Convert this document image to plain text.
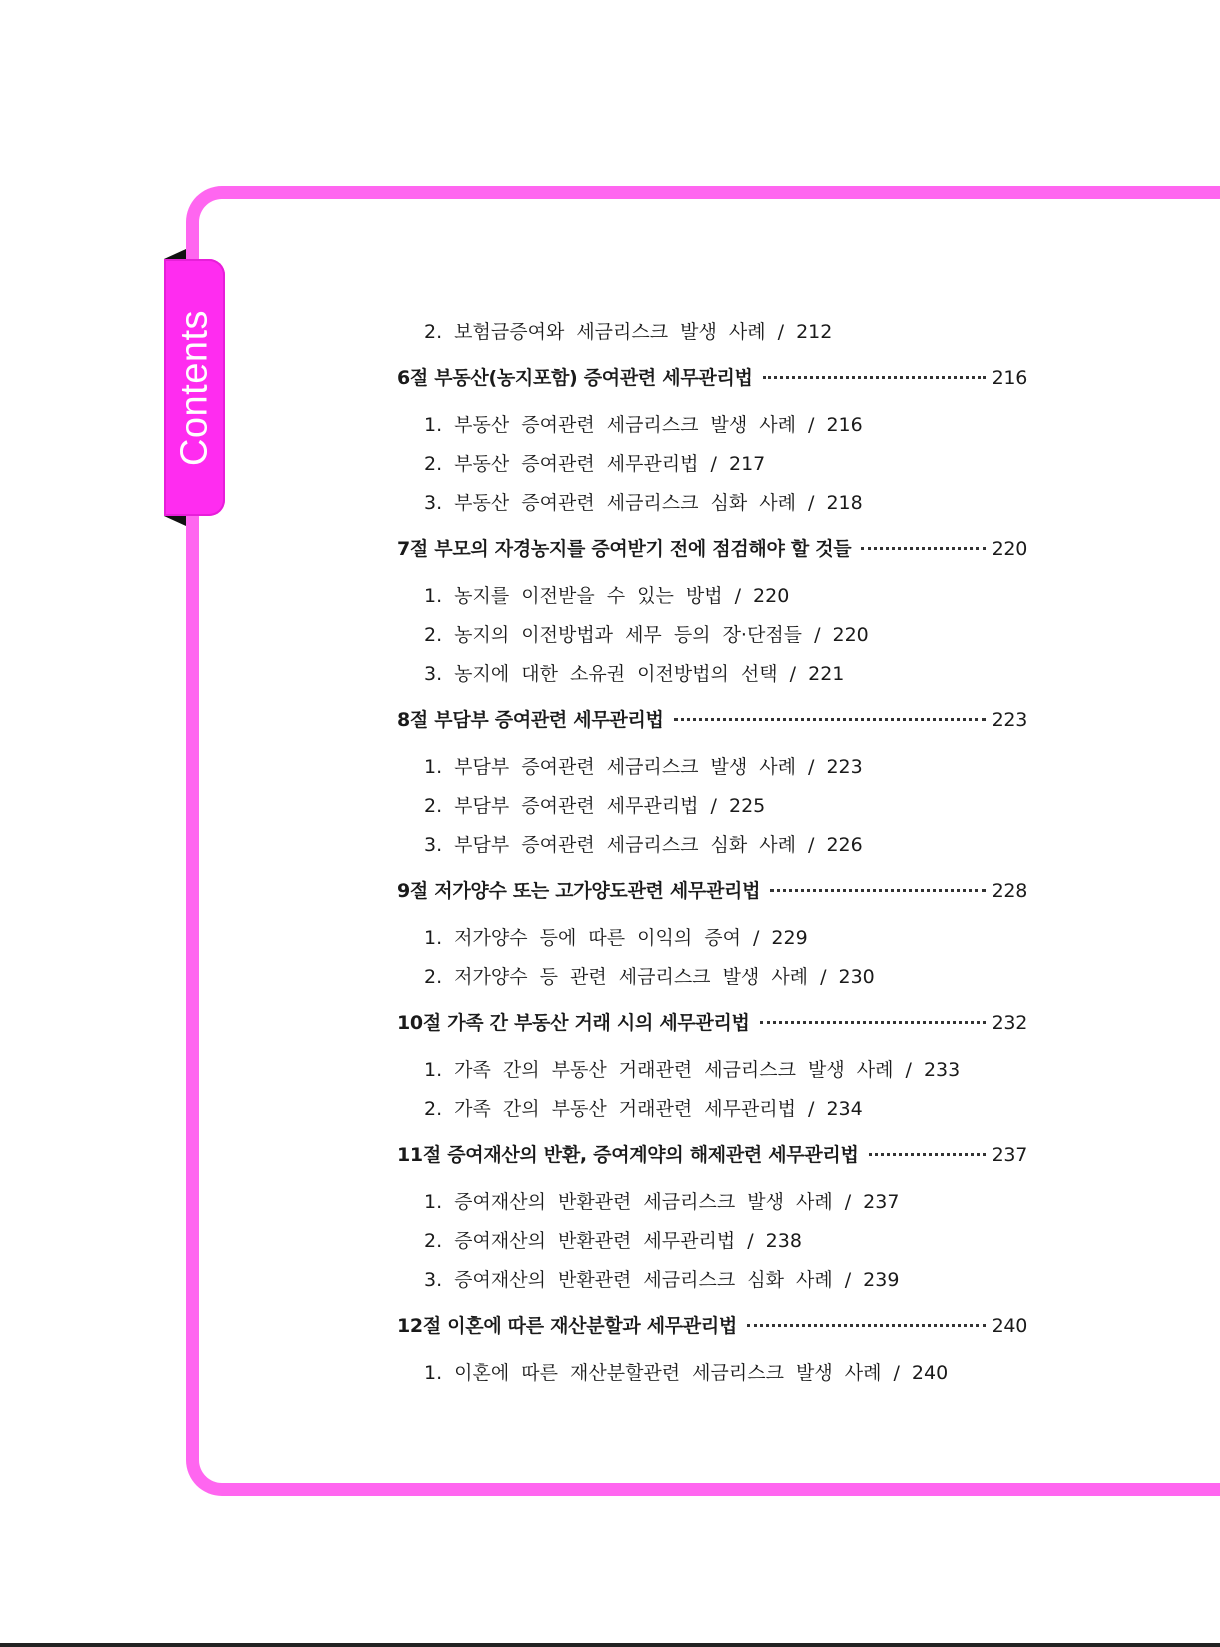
Contents	2. 보험금증여와 세금리스크 발생 사례 / 212
6절 부동산(농지포함) 증여관련 세무관리법	216
1. 부동산 증여관련 세금리스크 발생 사례 / 216
2. 부동산 증여관련 세무관리법 / 217
3. 부동산 증여관련 세금리스크 심화 사례 / 218
7절 부모의 자경농지를 증여받기 전에 점검해야 할 것들	220
1. 농지를 이전받을 수 있는 방법 / 220
2. 농지의 이전방법과 세무 등의 장·단점들 / 220
3. 농지에 대한 소유권 이전방법의 선택 / 221
8절 부담부 증여관련 세무관리법	223
1. 부담부 증여관련 세금리스크 발생 사례 / 223
2. 부담부 증여관련 세무관리법 / 225
3. 부담부 증여관련 세금리스크 심화 사례 / 226
9절 저가양수 또는 고가양도관련 세무관리법	228
1. 저가양수 등에 따른 이익의 증여 / 229
2. 저가양수 등 관련 세금리스크 발생 사례 / 230
10절 가족 간 부동산 거래 시의 세무관리법	232
1. 가족 간의 부동산 거래관련 세금리스크 발생 사례 / 233
2. 가족 간의 부동산 거래관련 세무관리법 / 234
11절 증여재산의 반환, 증여계약의 해제관련 세무관리법	237
1. 증여재산의 반환관련 세금리스크 발생 사례 / 237
2. 증여재산의 반환관련 세무관리법 / 238
3. 증여재산의 반환관련 세금리스크 심화 사례 / 239
12절 이혼에 따른 재산분할과 세무관리법	240
1. 이혼에 따른 재산분할관련 세금리스크 발생 사례 / 240
